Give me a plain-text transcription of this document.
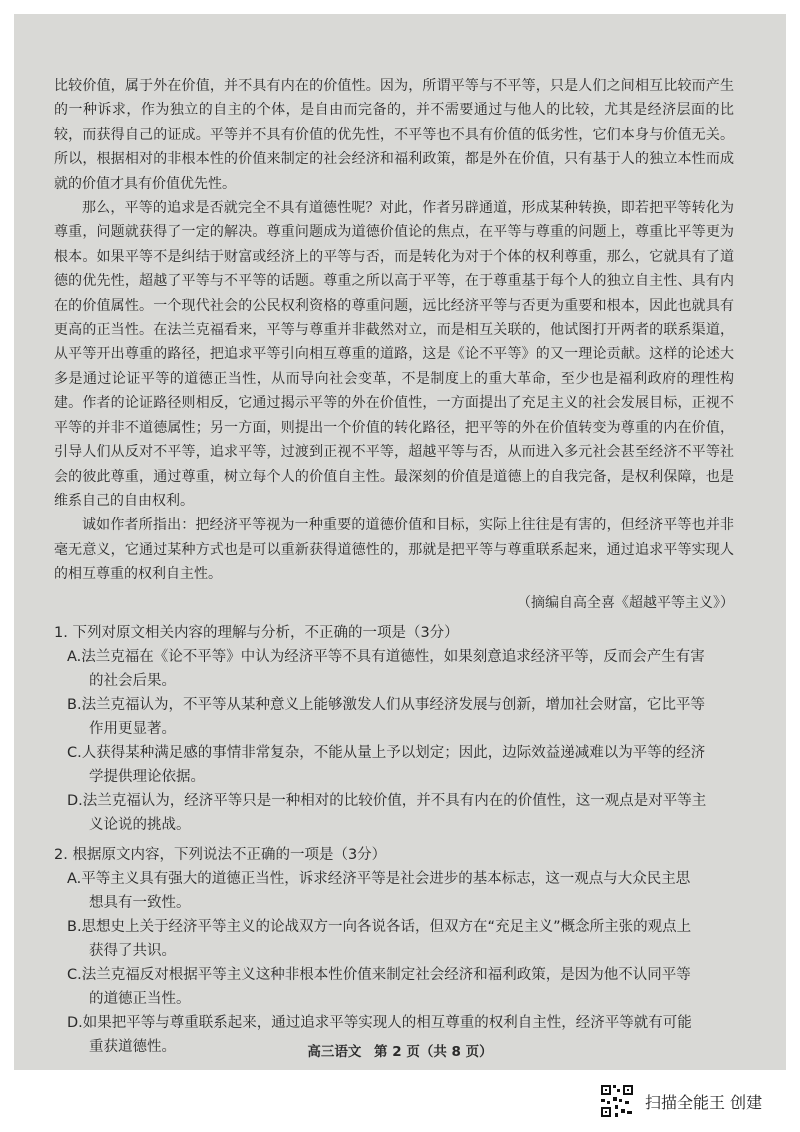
比较价值，属于外在价值，并不具有内在的价值性。因为，所谓平等与不平等，只是人们之间相互比较而产生的一种诉求，作为独立的自主的个体，是自由而完备的，并不需要通过与他人的比较，尤其是经济层面的比较，而获得自己的证成。平等并不具有价值的优先性，不平等也不具有价值的低劣性，它们本身与价值无关。所以，根据相对的非根本性的价值来制定的社会经济和福利政策，都是外在价值，只有基于人的独立本性而成就的价值才具有价值优先性。

那么，平等的追求是否就完全不具有道德性呢？对此，作者另辟通道，形成某种转换，即若把平等转化为尊重，问题就获得了一定的解决。尊重问题成为道德价值论的焦点，在平等与尊重的问题上，尊重比平等更为根本。如果平等不是纠结于财富或经济上的平等与否，而是转化为对于个体的权利尊重，那么，它就具有了道德的优先性，超越了平等与不平等的话题。尊重之所以高于平等，在于尊重基于每个人的独立自主性、具有内在的价值属性。一个现代社会的公民权利资格的尊重问题，远比经济平等与否更为重要和根本，因此也就具有更高的正当性。在法兰克福看来，平等与尊重并非截然对立，而是相互关联的，他试图打开两者的联系渠道，从平等开出尊重的路径，把追求平等引向相互尊重的道路，这是《论不平等》的又一理论贡献。这样的论述大多是通过论证平等的道德正当性，从而导向社会变革，不是制度上的重大革命，至少也是福利政府的理性构建。作者的论证路径则相反，它通过揭示平等的外在价值性，一方面提出了充足主义的社会发展目标，正视不平等的并非不道德属性；另一方面，则提出一个价值的转化路径，把平等的外在价值转变为尊重的内在价值，引导人们从反对不平等，追求平等，过渡到正视不平等，超越平等与否，从而进入多元社会甚至经济不平等社会的彼此尊重，通过尊重，树立每个人的价值自主性。最深刻的价值是道德上的自我完备，是权利保障，也是维系自己的自由权利。

诚如作者所指出：把经济平等视为一种重要的道德价值和目标，实际上往往是有害的，但经济平等也并非毫无意义，它通过某种方式也是可以重新获得道德性的，那就是把平等与尊重联系起来，通过追求平等实现人的相互尊重的权利自主性。

（摘编自高全喜《超越平等主义》）

1. 下列对原文相关内容的理解与分析，不正确的一项是（3分）

A.法兰克福在《论不平等》中认为经济平等不具有道德性，如果刻意追求经济平等，反而会产生有害
的社会后果。
B.法兰克福认为，不平等从某种意义上能够激发人们从事经济发展与创新，增加社会财富，它比平等
作用更显著。
C.人获得某种满足感的事情非常复杂，不能从量上予以划定；因此，边际效益递减难以为平等的经济
学提供理论依据。
D.法兰克福认为，经济平等只是一种相对的比较价值，并不具有内在的价值性，这一观点是对平等主
义论说的挑战。

2. 根据原文内容，下列说法不正确的一项是（3分）

A.平等主义具有强大的道德正当性，诉求经济平等是社会进步的基本标志，这一观点与大众民主思
想具有一致性。
B.思想史上关于经济平等主义的论战双方一向各说各话，但双方在“充足主义”概念所主张的观点上
获得了共识。
C.法兰克福反对根据平等主义这种非根本性价值来制定社会经济和福利政策，是因为他不认同平等
的道德正当性。
D.如果把平等与尊重联系起来，通过追求平等实现人的相互尊重的权利自主性，经济平等就有可能
重获道德性。	高三语文 第 2 页（共 8 页）
扫描全能王 创建
